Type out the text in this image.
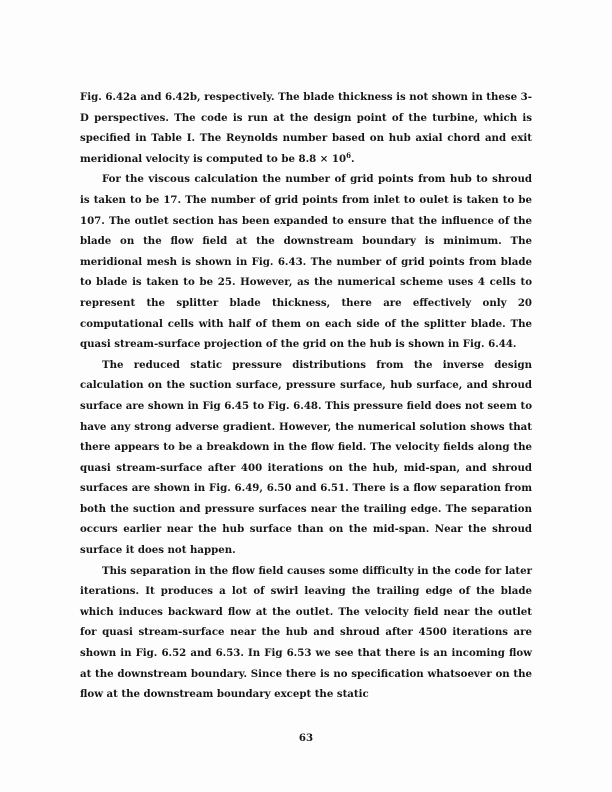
Fig. 6.42a and 6.42b, respectively. The blade thickness is not shown in these 3-D perspectives. The code is run at the design point of the turbine, which is specified in Table I. The Reynolds number based on hub axial chord and exit meridional velocity is computed to be $8.8 \times 10^6$.

For the viscous calculation the number of grid points from hub to shroud is taken to be 17. The number of grid points from inlet to oulet is taken to be 107. The outlet section has been expanded to ensure that the influence of the blade on the flow field at the downstream boundary is minimum. The meridional mesh is shown in Fig. 6.43. The number of grid points from blade to blade is taken to be 25. However, as the numerical scheme uses 4 cells to represent the splitter blade thickness, there are effectively only 20 computational cells with half of them on each side of the splitter blade. The quasi stream-surface projection of the grid on the hub is shown in Fig. 6.44.

The reduced static pressure distributions from the inverse design calculation on the suction surface, pressure surface, hub surface, and shroud surface are shown in Fig 6.45 to Fig. 6.48. This pressure field does not seem to have any strong adverse gradient. However, the numerical solution shows that there appears to be a breakdown in the flow field. The velocity fields along the quasi stream-surface after 400 iterations on the hub, mid-span, and shroud surfaces are shown in Fig. 6.49, 6.50 and 6.51. There is a flow separation from both the suction and pressure surfaces near the trailing edge. The separation occurs earlier near the hub surface than on the mid-span. Near the shroud surface it does not happen.

This separation in the flow field causes some difficulty in the code for later iterations. It produces a lot of swirl leaving the trailing edge of the blade which induces backward flow at the outlet. The velocity field near the outlet for quasi stream-surface near the hub and shroud after 4500 iterations are shown in Fig. 6.52 and 6.53. In Fig 6.53 we see that there is an incoming flow at the downstream boundary. Since there is no specification whatsoever on the flow at the downstream boundary except the static

63
